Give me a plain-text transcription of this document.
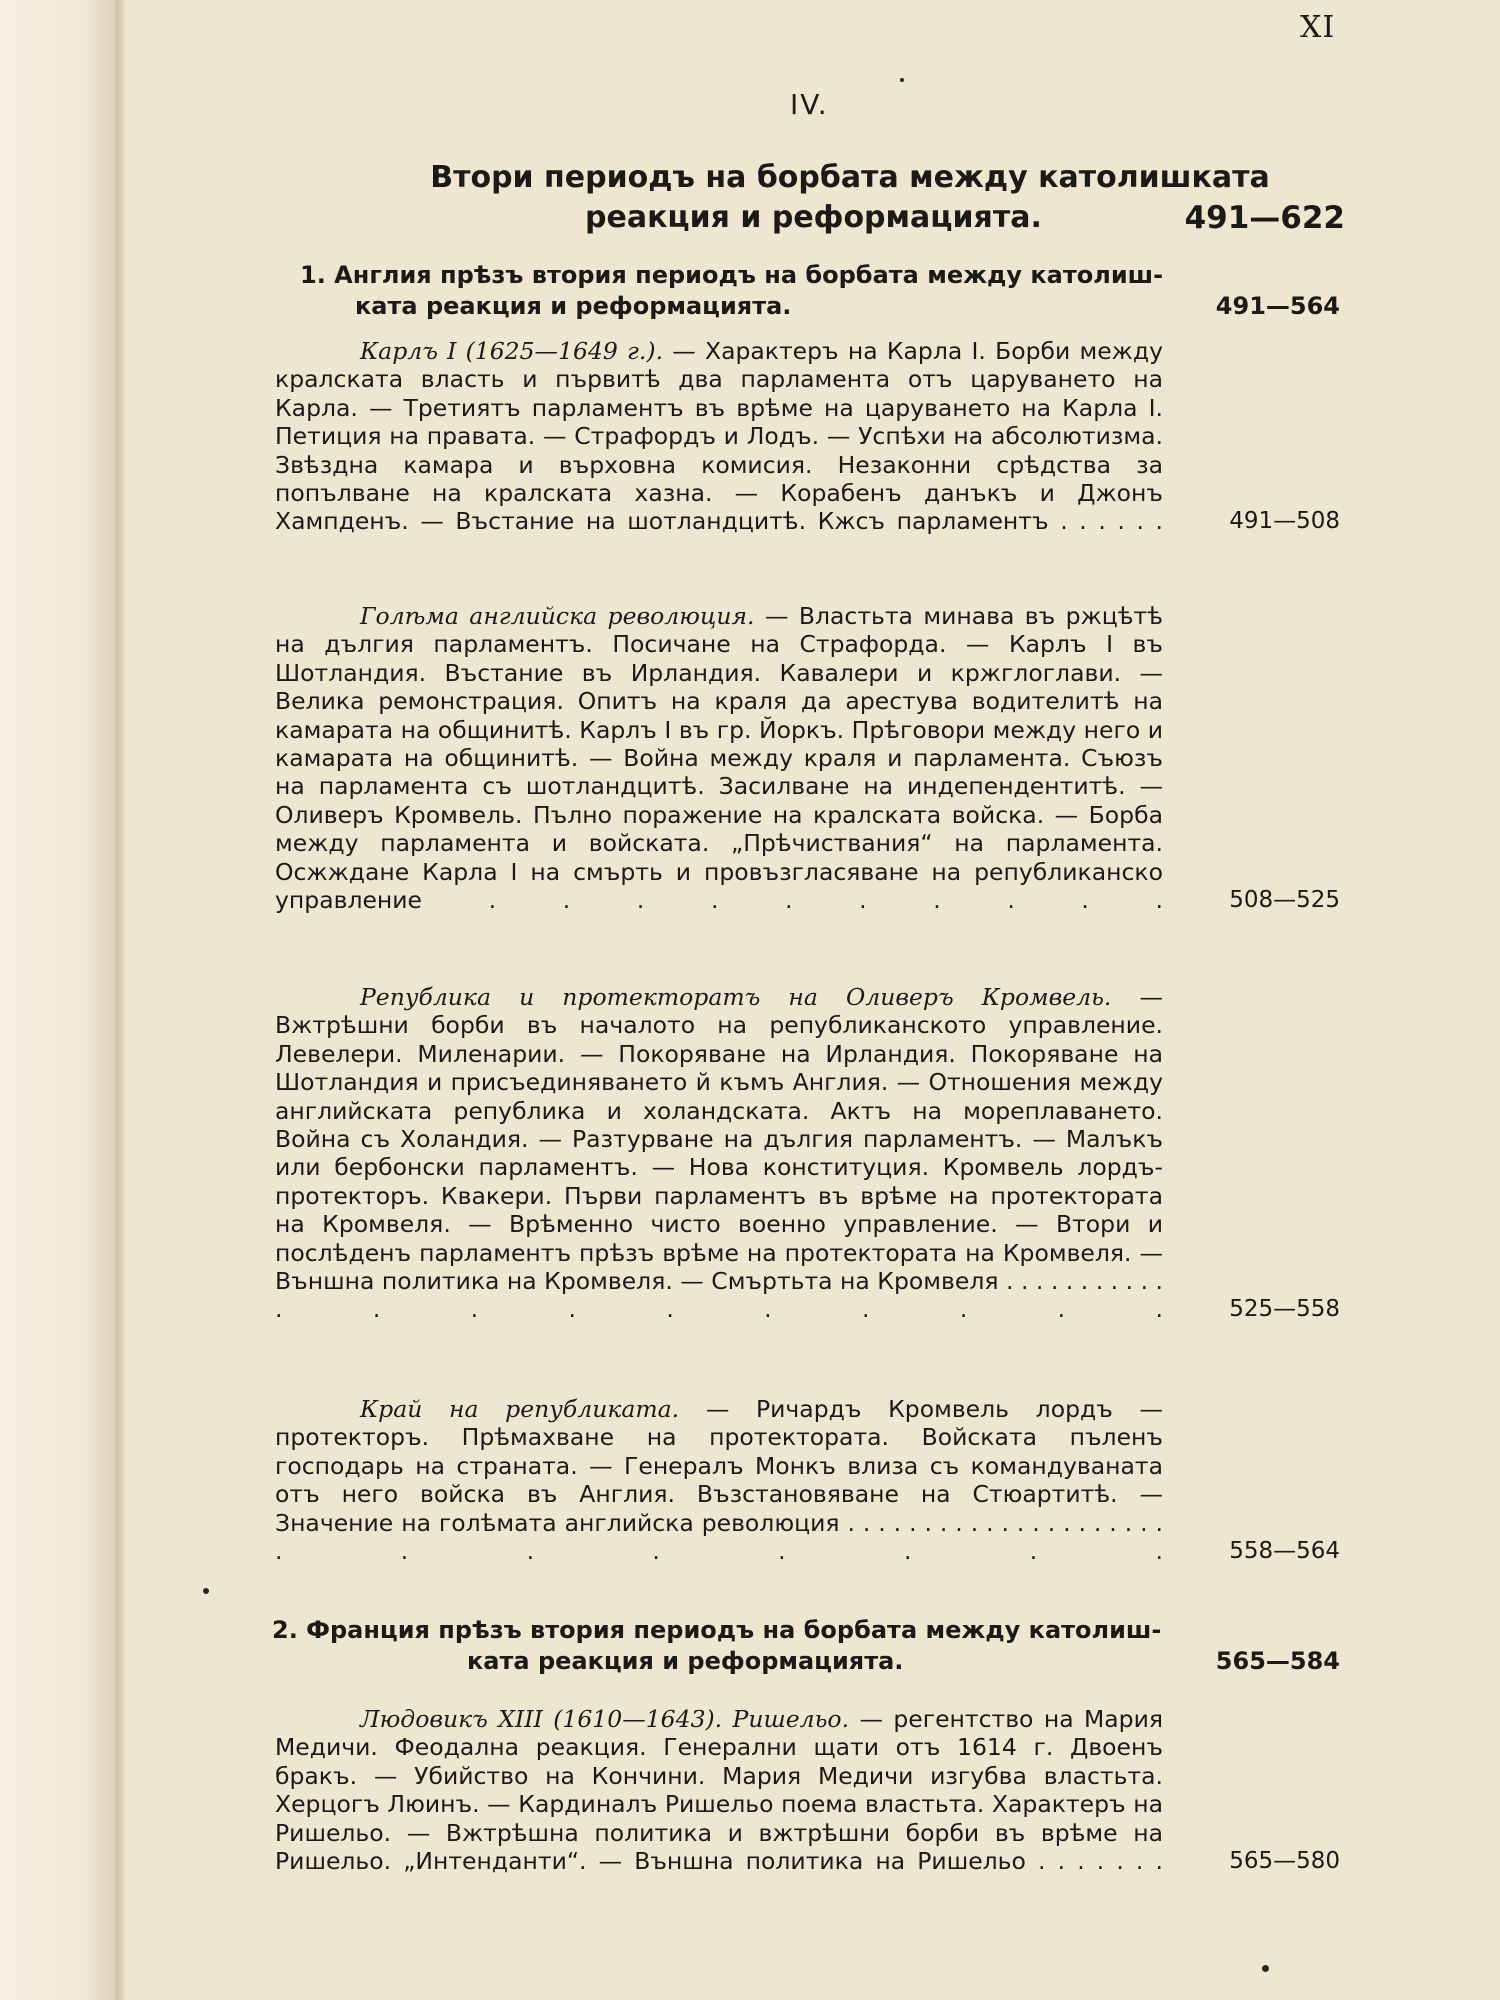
XI
IV.
Втори периодъ на борбата между католишката
реакция и реформацията.	491—622
1. Англия прѣзъ втория периодъ на борбата между католиш-
ката реакция и реформацията.	491—564

Карлъ I (1625—1649 г.). — Характеръ на Карла I. Борби между кралската власть и първитѣ два парламента отъ царуването на Карла. — Третиятъ парламентъ въ врѣме на царуването на Карла I. Петиция на правата. — Страфордъ и Лодъ. — Успѣхи на абсолютизма. Звѣздна камара и върховна комисия. Незаконни срѣдства за попълване на кралската хазна. — Корабенъ данъкъ и Джонъ Хампденъ. — Въстание на шотландцитѣ. Кжсъ парламентъ . . . . . .	491—508

Голѣма английска революция. — Властьта минава въ ржцѣтѣ на дългия парламентъ. Посичане на Страфорда. — Карлъ I въ Шотландия. Въстание въ Ирландия. Кавалери и кржглоглави. — Велика ремонстрация. Опитъ на краля да арестува водителитѣ на камарата на общинитѣ. Карлъ I въ гр. Йоркъ. Прѣговори между него и камарата на общинитѣ. — Война между краля и парламента. Съюзъ на парламента съ шотландцитѣ. Засилване на индепендентитѣ. — Оливеръ Кромвель. Пълно поражение на кралската войска. — Борба между парламента и войската. „Прѣчиствания“ на парламента. Осжждане Карла I на смърть и провъзгласяване на републиканско управление	. . . . . . . . . .	508—525

Република и протекторатъ на Оливеръ Кромвель. — Вжтрѣшни борби въ началото на републиканското управление. Левелери. Миленарии. — Покоряване на Ирландия. Покоряване на Шотландия и присъединяването й къмъ Англия. — Отношения между английската република и холандската. Актъ на мореплаването. Война съ Холандия. — Разтурване на дългия парламентъ. — Малъкъ или бербонски парламентъ. — Нова конституция. Кромвель лордъ-протекторъ. Квакери. Първи парламентъ въ врѣме на протектората на Кромвеля. — Врѣменно чисто военно управление. — Втори и послѣденъ парламентъ прѣзъ врѣме на протектората на Кромвеля. — Външна политика на Кромвеля. — Смъртьта на Кромвеля . . . . . . . . . . . . . . . . . . . . .	525—558

Край на републиката. — Ричардъ Кромвель лордъ — протекторъ. Прѣмахване на протектората. Войската пъленъ господарь на страната. — Генералъ Монкъ влиза съ командуваната отъ него войска въ Англия. Възстановяване на Стюартитѣ. — Значение на голѣмата английска революция . . . . . . . . . . . . . . . . . . . . . . . . . . . . .	558—564
2. Франция прѣзъ втория периодъ на борбата между католиш-
ката реакция и реформацията.	565—584

Людовикъ XIII (1610—1643). Ришельо. — регентство на Мария Медичи. Феодална реакция. Генерални щати отъ 1614 г. Двоенъ бракъ. — Убийство на Кончини. Мария Медичи изгубва властьта. Херцогъ Люинъ. — Кардиналъ Ришельо поема властьта. Характеръ на Ришельо. — Вжтрѣшна политика и вжтрѣшни борби въ врѣме на Ришельо. „Интенданти“. — Външна политика на Ришельо . . . . . . .	565—580
